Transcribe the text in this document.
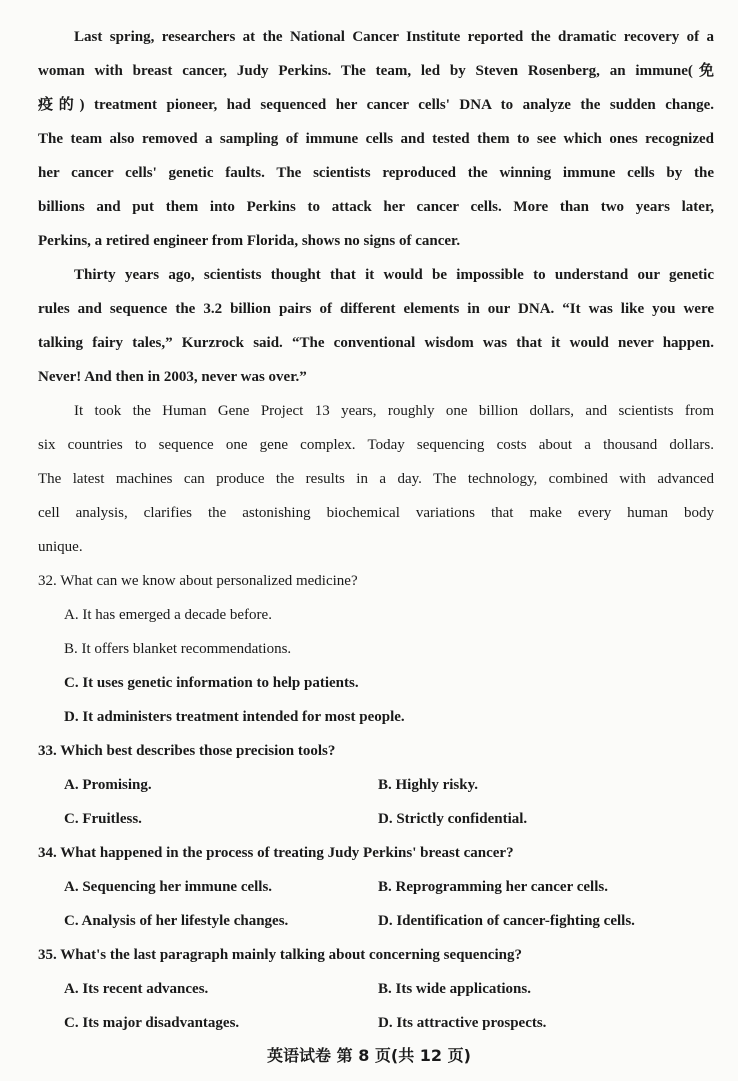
Last spring, researchers at the National Cancer Institute reported the dramatic recovery of a
woman with breast cancer, Judy Perkins. The team, led by Steven Rosenberg, an immune(免
疫的) treatment pioneer, had sequenced her cancer cells' DNA to analyze the sudden change.
The team also removed a sampling of immune cells and tested them to see which ones recognized
her cancer cells' genetic faults. The scientists reproduced the winning immune cells by the
billions and put them into Perkins to attack her cancer cells. More than two years later,
Perkins, a retired engineer from Florida, shows no signs of cancer.
Thirty years ago, scientists thought that it would be impossible to understand our genetic
rules and sequence the 3.2 billion pairs of different elements in our DNA. “It was like you were
talking fairy tales,” Kurzrock said. “The conventional wisdom was that it would never happen.
Never! And then in 2003, never was over.”
It took the Human Gene Project 13 years, roughly one billion dollars, and scientists from
six countries to sequence one gene complex. Today sequencing costs about a thousand dollars.
The latest machines can produce the results in a day. The technology, combined with advanced
cell analysis, clarifies the astonishing biochemical variations that make every human body
unique.
32. What can we know about personalized medicine?
A. It has emerged a decade before.
B. It offers blanket recommendations.
C. It uses genetic information to help patients.
D. It administers treatment intended for most people.
33. Which best describes those precision tools?
A. Promising.	B. Highly risky.
C. Fruitless.	D. Strictly confidential.
34. What happened in the process of treating Judy Perkins' breast cancer?
A. Sequencing her immune cells.	B. Reprogramming her cancer cells.
C. Analysis of her lifestyle changes.	D. Identification of cancer-fighting cells.
35. What's the last paragraph mainly talking about concerning sequencing?
A. Its recent advances.	B. Its wide applications.
C. Its major disadvantages.	D. Its attractive prospects.
英语试卷 第 8 页(共 12 页)
